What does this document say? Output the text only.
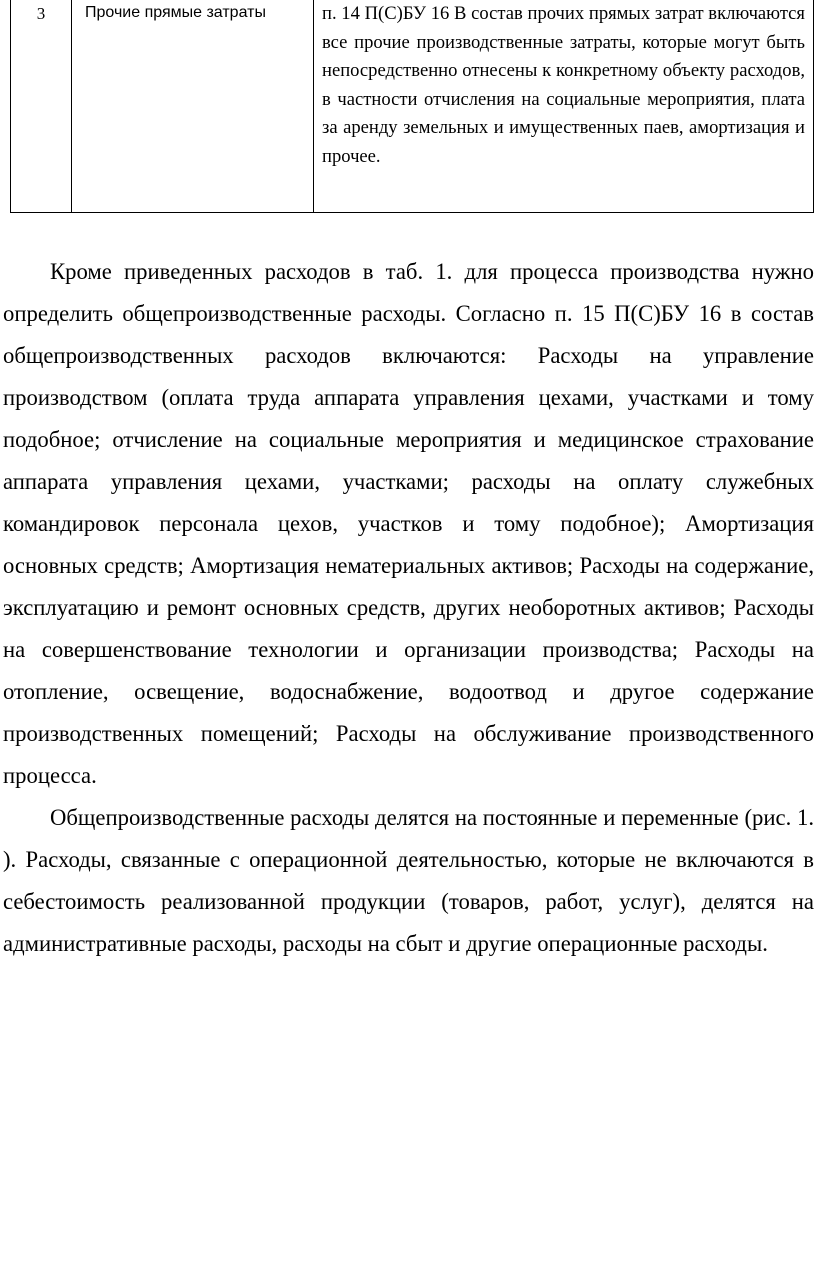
3	Прочие прямые затраты	п. 14 П(С)БУ 16 В состав прочих прямых затрат включаются все прочие производственные затраты, которые могут быть непосредственно отнесены к конкретному объекту расходов, в частности отчисления на социальные мероприятия, плата за аренду земельных и имущественных паев, амортизация и прочее.

Кроме приведенных расходов в таб. 1. для процесса производства нужно определить общепроизводственные расходы. Согласно п. 15 П(С)БУ 16 в состав общепроизводственных расходов включаются: Расходы на управление производством (оплата труда аппарата управления цехами, участками и тому подобное; отчисление на социальные мероприятия и медицинское страхование аппарата управления цехами, участками; расходы на оплату служебных командировок персонала цехов, участков и тому подобное); Амортизация основных средств; Амортизация нематериальных активов; Расходы на содержание, эксплуатацию и ремонт основных средств, других необоротных активов; Расходы на совершенствование технологии и организации производства; Расходы на отопление, освещение, водоснабжение, водоотвод и другое содержание производственных помещений; Расходы на обслуживание производственного процесса.

Общепроизводственные расходы делятся на постоянные и переменные (рис. 1. ). Расходы, связанные с операционной деятельностью, которые не включаются в себестоимость реализованной продукции (товаров, работ, услуг), делятся на административные расходы, расходы на сбыт и другие операционные расходы.
